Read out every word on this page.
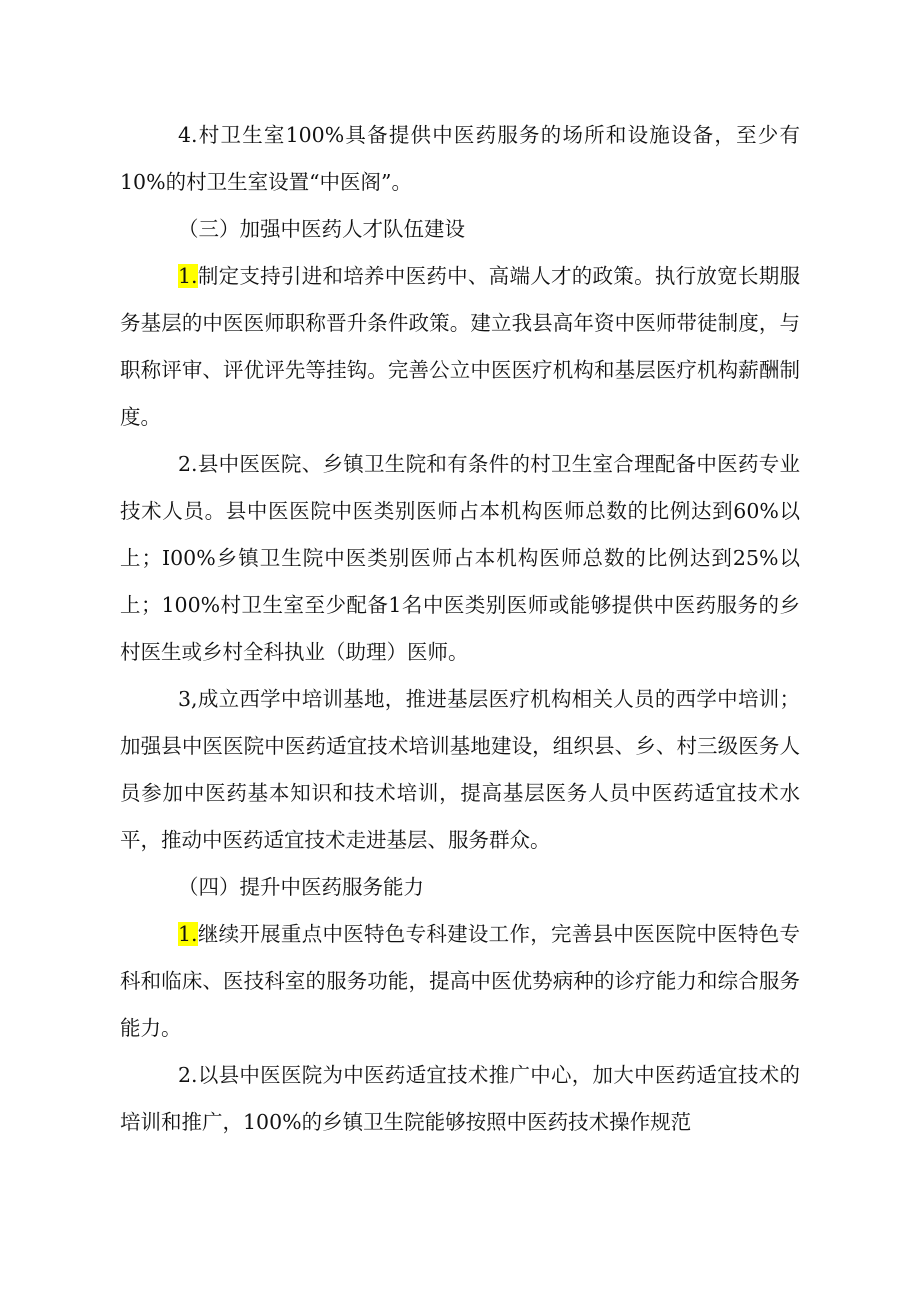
4.村卫生室100%具备提供中医药服务的场所和设施设备，至少有10%的村卫生室设置“中医阁”。

（三）加强中医药人才队伍建设

1.制定支持引进和培养中医药中、高端人才的政策。执行放宽长期服务基层的中医医师职称晋升条件政策。建立我县高年资中医师带徒制度，与职称评审、评优评先等挂钩。完善公立中医医疗机构和基层医疗机构薪酬制度。

2.县中医医院、乡镇卫生院和有条件的村卫生室合理配备中医药专业技术人员。县中医医院中医类别医师占本机构医师总数的比例达到60%以上；I00%乡镇卫生院中医类别医师占本机构医师总数的比例达到25%以上；100%村卫生室至少配备1名中医类别医师或能够提供中医药服务的乡村医生或乡村全科执业（助理）医师。

3,成立西学中培训基地，推进基层医疗机构相关人员的西学中培训；加强县中医医院中医药适宜技术培训基地建设，组织县、乡、村三级医务人员参加中医药基本知识和技术培训，提高基层医务人员中医药适宜技术水平，推动中医药适宜技术走进基层、服务群众。

（四）提升中医药服务能力

1.继续开展重点中医特色专科建设工作，完善县中医医院中医特色专科和临床、医技科室的服务功能，提高中医优势病种的诊疗能力和综合服务能力。

2.以县中医医院为中医药适宜技术推广中心，加大中医药适宜技术的培训和推广，100%的乡镇卫生院能够按照中医药技术操作规范
